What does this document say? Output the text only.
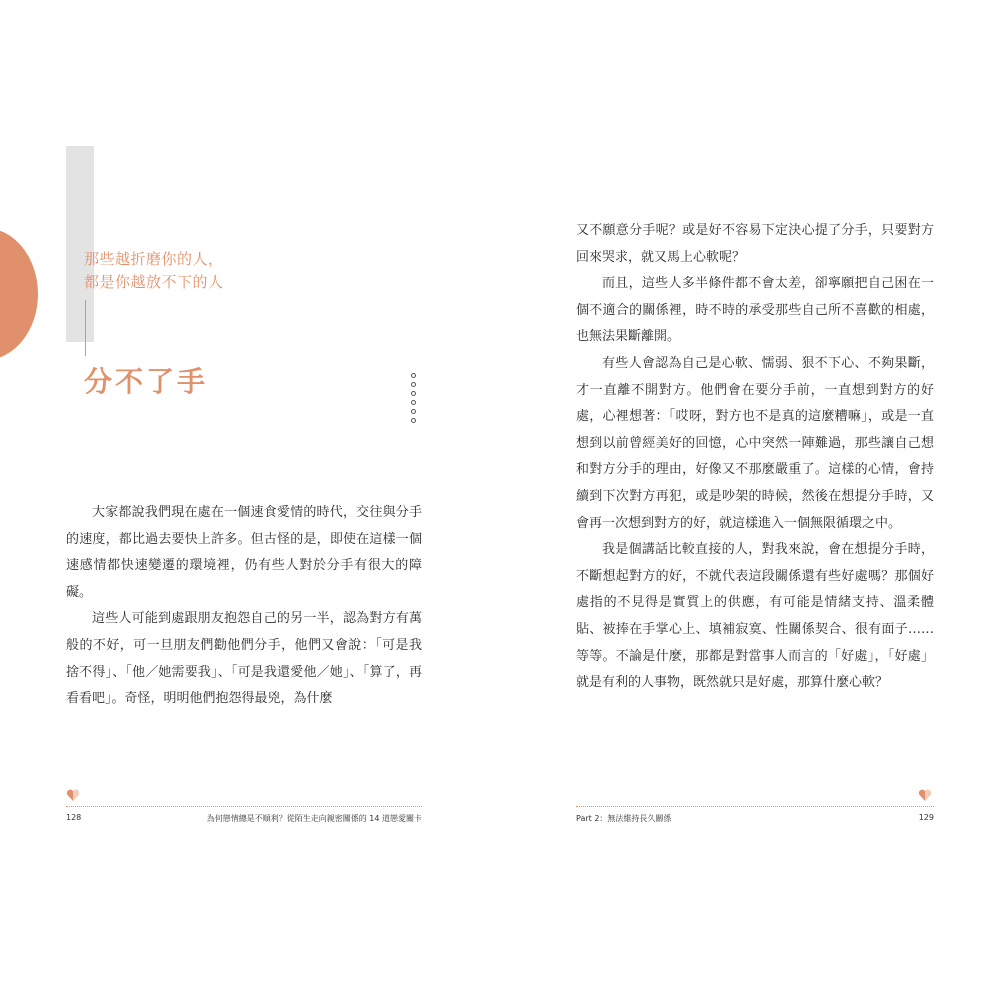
那些越折磨你的人，
都是你越放不下的人
分不了手

大家都說我們現在處在一個速食愛情的時代，交往與分手的速度，都比過去要快上許多。但古怪的是，即使在這樣一個速感情都快速變遷的環境裡，仍有些人對於分手有很大的障礙。

這些人可能到處跟朋友抱怨自己的另一半，認為對方有萬般的不好，可一旦朋友們勸他們分手，他們又會說：「可是我捨不得」、「他／她需要我」、「可是我還愛他／她」、「算了，再看看吧」。奇怪，明明他們抱怨得最兇，為什麼

128	為何戀情總是不順利？從陌生走向親密關係的 14 道戀愛關卡

又不願意分手呢？或是好不容易下定決心提了分手，只要對方回來哭求，就又馬上心軟呢？

而且，這些人多半條件都不會太差，卻寧願把自己困在一個不適合的關係裡，時不時的承受那些自己所不喜歡的相處，也無法果斷離開。

有些人會認為自己是心軟、懦弱、狠不下心、不夠果斷，才一直離不開對方。他們會在要分手前，一直想到對方的好處，心裡想著：「哎呀，對方也不是真的這麼糟嘛」，或是一直想到以前曾經美好的回憶，心中突然一陣難過，那些讓自己想和對方分手的理由，好像又不那麼嚴重了。這樣的心情，會持續到下次對方再犯，或是吵架的時候，然後在想提分手時，又會再一次想到對方的好，就這樣進入一個無限循環之中。

我是個講話比較直接的人，對我來說，會在想提分手時，不斷想起對方的好，不就代表這段關係還有些好處嗎？那個好處指的不見得是實質上的供應，有可能是情緒支持、溫柔體貼、被捧在手掌心上、填補寂寞、性關係契合、很有面子……等等。不論是什麼，那都是對當事人而言的「好處」，「好處」就是有利的人事物，既然就只是好處，那算什麼心軟？

Part 2：無法維持長久關係	129
